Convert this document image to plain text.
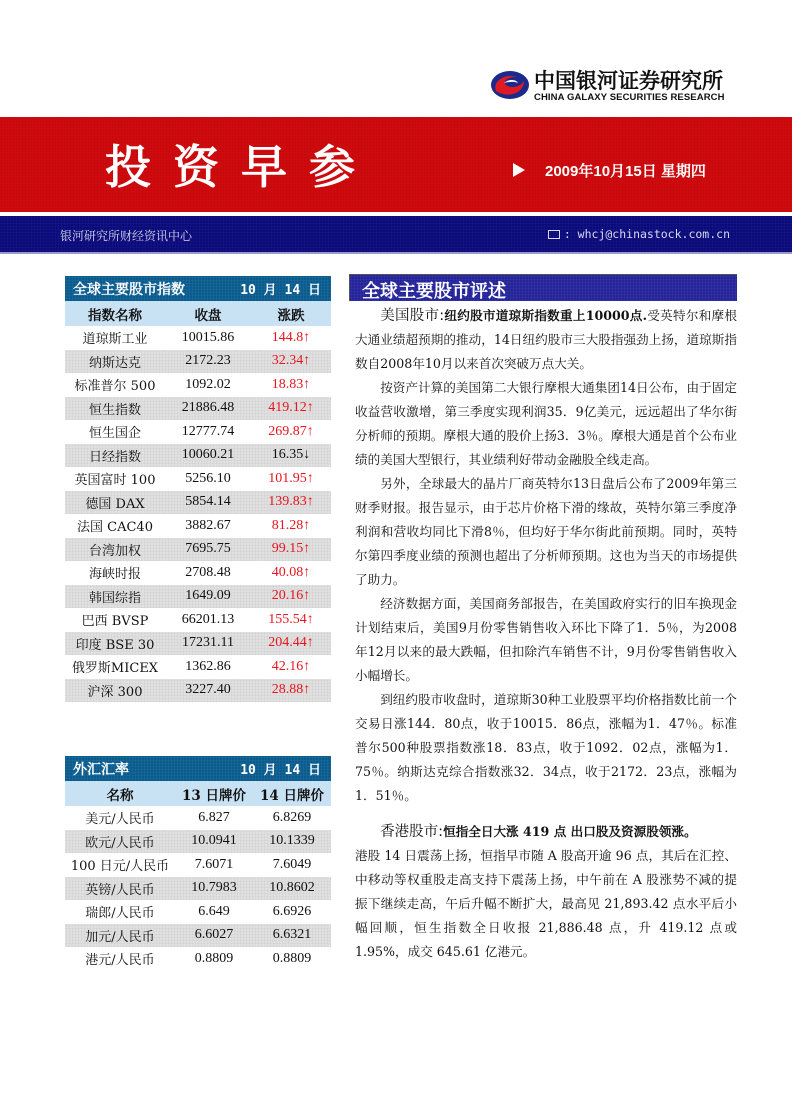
中国银河证券研究所
CHINA GALAXY SECURITIES RESEARCH
投资早参	2009年10月15日 星期四
银河研究所财经资讯中心	: whcj@chinastock.com.cn
全球主要股市指数	10 月 14 日
指数名称	收盘	涨跌
道琼斯工业	10015.86	144.8↑
纳斯达克	2172.23	32.34↑
标准普尔 500	1092.02	18.83↑
恒生指数	21886.48	419.12↑
恒生国企	12777.74	269.87↑
日经指数	10060.21	16.35↓
英国富时 100	5256.10	101.95↑
德国 DAX	5854.14	139.83↑
法国 CAC40	3882.67	81.28↑
台湾加权	7695.75	99.15↑
海峡时报	2708.48	40.08↑
韩国综指	1649.09	20.16↑
巴西 BVSP	66201.13	155.54↑
印度 BSE 30	17231.11	204.44↑
俄罗斯MICEX	1362.86	42.16↑
沪深 300	3227.40	28.88↑
外汇汇率	10 月 14 日
名称	13 日牌价	14 日牌价
美元/人民币	6.827	6.8269
欧元/人民币	10.0941	10.1339
100 日元/人民币	7.6071	7.6049
英镑/人民币	10.7983	10.8602
瑞郎/人民币	6.649	6.6926
加元/人民币	6.6027	6.6321
港元/人民币	0.8809	0.8809
全球主要股市评述

美国股市:纽约股市道琼斯指数重上10000点.受英特尔和摩根大通业绩超预期的推动，14日纽约股市三大股指强劲上扬，道琼斯指数自2008年10月以来首次突破万点大关。

按资产计算的美国第二大银行摩根大通集团14日公布，由于固定收益营收激增，第三季度实现利润35．9亿美元，远远超出了华尔街分析师的预期。摩根大通的股价上扬3．3％。摩根大通是首个公布业绩的美国大型银行，其业绩利好带动金融股全线走高。

另外，全球最大的晶片厂商英特尔13日盘后公布了2009年第三财季财报。报告显示，由于芯片价格下滑的缘故，英特尔第三季度净利润和营收均同比下滑8％，但均好于华尔街此前预期。同时，英特尔第四季度业绩的预测也超出了分析师预期。这也为当天的市场提供了助力。

经济数据方面，美国商务部报告，在美国政府实行的旧车换现金计划结束后，美国9月份零售销售收入环比下降了1．5％，为2008年12月以来的最大跌幅，但扣除汽车销售不计，9月份零售销售收入小幅增长。

到纽约股市收盘时，道琼斯30种工业股票平均价格指数比前一个交易日涨144．80点，收于10015．86点，涨幅为1．47％。标准普尔500种股票指数涨18．83点，收于1092．02点，涨幅为1．75％。纳斯达克综合指数涨32．34点，收于2172．23点，涨幅为1．51％。

香港股市:恒指全日大涨 419 点 出口股及资源股领涨。

港股 14 日震荡上扬，恒指早市随 A 股高开逾 96 点，其后在汇控、中移动等权重股走高支持下震荡上扬，中午前在 A 股涨势不减的提振下继续走高，午后升幅不断扩大，最高见 21,893.42 点水平后小幅回顺，恒生指数全日收报 21,886.48 点，升 419.12 点或 1.95%，成交 645.61 亿港元。
